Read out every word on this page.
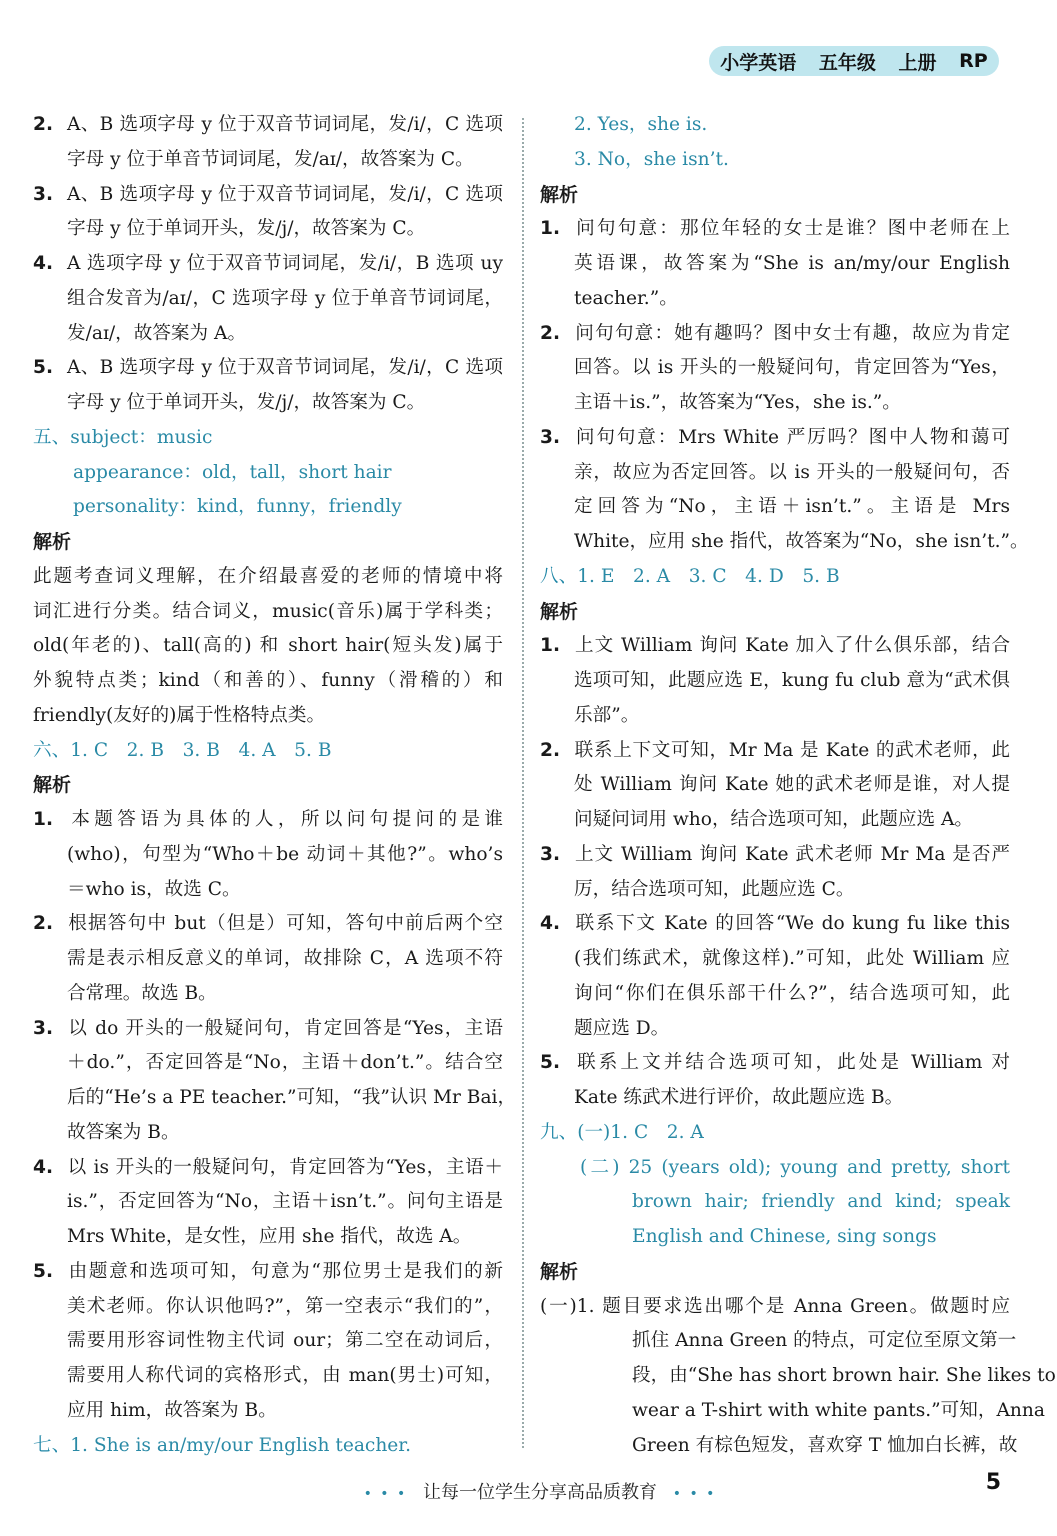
小学英语 五年级 上册 RP
2. A、B 选项字母 y 位于双音节词词尾，发/i/，C 选项
字母 y 位于单音节词词尾，发/aɪ/，故答案为 C。
3. A、B 选项字母 y 位于双音节词词尾，发/i/，C 选项
字母 y 位于单词开头，发/j/，故答案为 C。
4. A 选项字母 y 位于双音节词词尾，发/i/，B 选项 uy
组合发音为/aɪ/，C 选项字母 y 位于单音节词词尾，
发/aɪ/，故答案为 A。
5. A、B 选项字母 y 位于双音节词词尾，发/i/，C 选项
字母 y 位于单词开头，发/j/，故答案为 C。
五、subject：music
appearance：old，tall，short hair
personality：kind，funny，friendly
解析
此题考查词义理解，在介绍最喜爱的老师的情境中将
词汇进行分类。结合词义，music(音乐)属于学科类；
old(年老的)、tall(高的) 和 short hair(短头发)属于
外貌特点类；kind（和善的）、funny（滑稽的）和
friendly(友好的)属于性格特点类。
六、1. C　2. B　3. B　4. A　5. B
解析
1. 本题答语为具体的人，所以问句提问的是谁
(who)，句型为“Who＋be 动词＋其他?”。who’s
＝who is，故选 C。
2. 根据答句中 but（但是）可知，答句中前后两个空
需是表示相反意义的单词，故排除 C，A 选项不符
合常理。故选 B。
3. 以 do 开头的一般疑问句，肯定回答是“Yes，主语
＋do.”，否定回答是“No，主语＋don’t.”。结合空
后的“He’s a PE teacher.”可知，“我”认识 Mr Bai，
故答案为 B。
4. 以 is 开头的一般疑问句，肯定回答为“Yes，主语＋
is.”，否定回答为“No，主语＋isn’t.”。问句主语是
Mrs White，是女性，应用 she 指代，故选 A。
5. 由题意和选项可知，句意为“那位男士是我们的新
美术老师。你认识他吗?”，第一空表示“我们的”，
需要用形容词性物主代词 our；第二空在动词后，
需要用人称代词的宾格形式，由 man(男士)可知，
应用 him，故答案为 B。
七、1. She is an/my/our English teacher.
2. Yes，she is.
3. No，she isn’t.
解析
1. 问句句意：那位年轻的女士是谁？图中老师在上
英语课，故答案为“She is an/my/our English
teacher.”。
2. 问句句意：她有趣吗？图中女士有趣，故应为肯定
回答。以 is 开头的一般疑问句，肯定回答为“Yes，
主语＋is.”，故答案为“Yes，she is.”。
3. 问句句意：Mrs White 严厉吗？图中人物和蔼可
亲，故应为否定回答。以 is 开头的一般疑问句，否
定回答为“No，主语＋isn’t.”。主语是 Mrs
White，应用 she 指代，故答案为“No，she isn’t.”。
八、1. E　2. A　3. C　4. D　5. B
解析
1. 上文 William 询问 Kate 加入了什么俱乐部，结合
选项可知，此题应选 E，kung fu club 意为“武术俱
乐部”。
2. 联系上下文可知，Mr Ma 是 Kate 的武术老师，此
处 William 询问 Kate 她的武术老师是谁，对人提
问疑问词用 who，结合选项可知，此题应选 A。
3. 上文 William 询问 Kate 武术老师 Mr Ma 是否严
厉，结合选项可知，此题应选 C。
4. 联系下文 Kate 的回答“We do kung fu like this
(我们练武术，就像这样).”可知，此处 William 应
询问“你们在俱乐部干什么?”，结合选项可知，此
题应选 D。
5. 联系上文并结合选项可知，此处是 William 对
Kate 练武术进行评价，故此题应选 B。
九、(一)1. C　2. A
(二) 25 (years old); young and pretty, short
brown hair; friendly and kind; speak
English and Chinese, sing songs
解析
(一)1. 题目要求选出哪个是 Anna Green。做题时应
抓住 Anna Green 的特点，可定位至原文第一
段，由“She has short brown hair. She likes to
wear a T-shirt with white pants.”可知，Anna
Green 有棕色短发，喜欢穿 T 恤加白长裤，故
• • • 让每一位学生分享高品质教育 • • •	5
